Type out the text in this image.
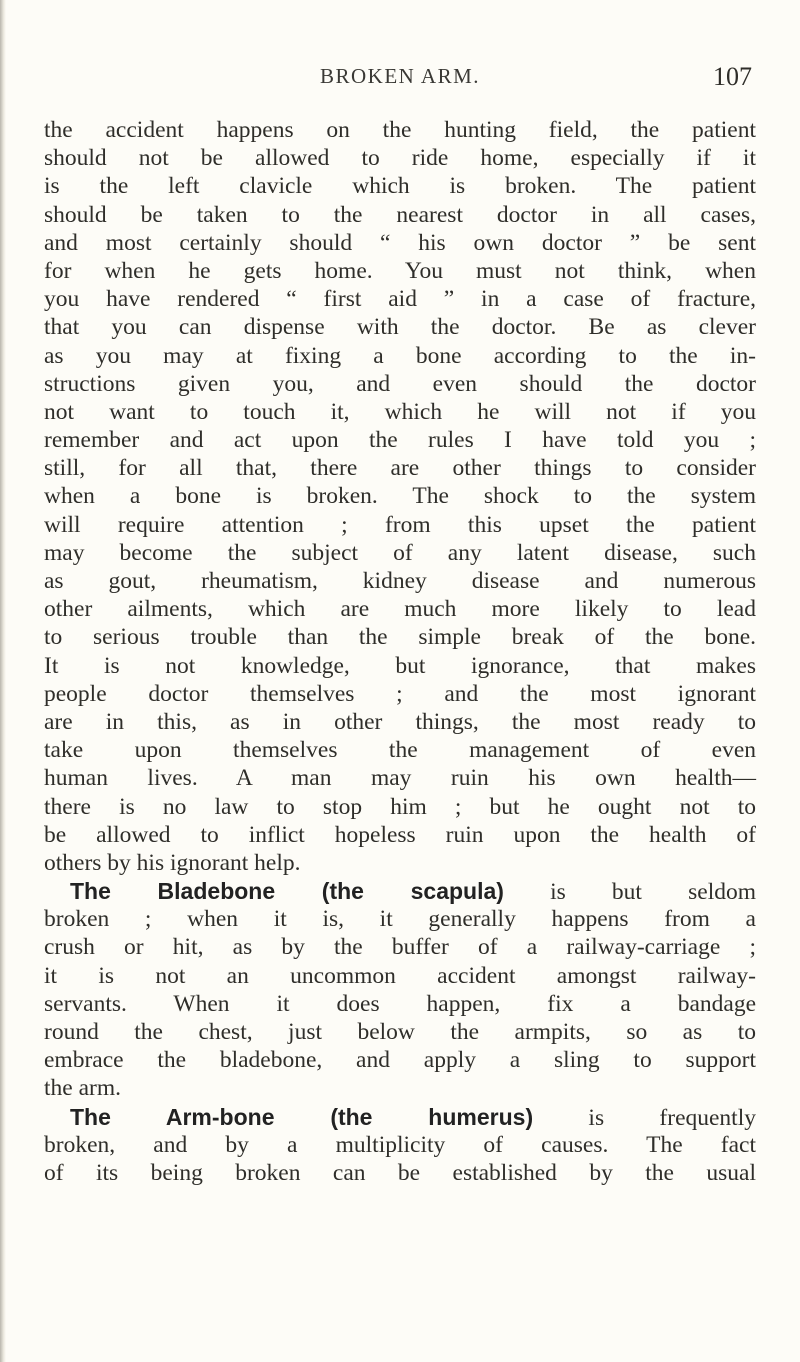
BROKEN ARM.	107
the accident happens on the hunting field, the patient
should not be allowed to ride home, especially if it
is the left clavicle which is broken. The patient
should be taken to the nearest doctor in all cases,
and most certainly should “ his own doctor ” be sent
for when he gets home. You must not think, when
you have rendered “ first aid ” in a case of fracture,
that you can dispense with the doctor. Be as clever
as you may at fixing a bone according to the in-
structions given you, and even should the doctor
not want to touch it, which he will not if you
remember and act upon the rules I have told you ;
still, for all that, there are other things to consider
when a bone is broken. The shock to the system
will require attention ; from this upset the patient
may become the subject of any latent disease, such
as gout, rheumatism, kidney disease and numerous
other ailments, which are much more likely to lead
to serious trouble than the simple break of the bone.
It is not knowledge, but ignorance, that makes
people doctor themselves ; and the most ignorant
are in this, as in other things, the most ready to
take upon themselves the management of even
human lives. A man may ruin his own health—
there is no law to stop him ; but he ought not to
be allowed to inflict hopeless ruin upon the health of
others by his ignorant help.
The Bladebone (the scapula) is but seldom
broken ; when it is, it generally happens from a
crush or hit, as by the buffer of a railway-carriage ;
it is not an uncommon accident amongst railway-
servants. When it does happen, fix a bandage
round the chest, just below the armpits, so as to
embrace the bladebone, and apply a sling to support
the arm.
The Arm-bone (the humerus) is frequently
broken, and by a multiplicity of causes. The fact
of its being broken can be established by the usual
